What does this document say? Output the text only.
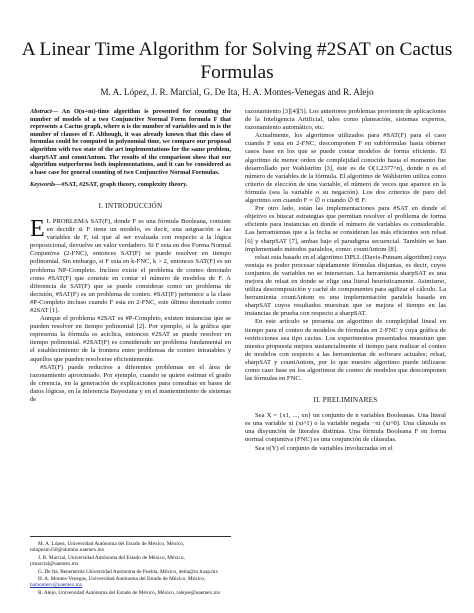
A Linear Time Algorithm for Solving #2SAT on Cactus Formulas
M. A. López, J. R. Marcial, G. De Ita, H. A. Montes-Venegas and R. Alejo

Abstract— An O(n+m)-time algorithm is presented for counting the number of models of a two Conjunctive Normal Form formula F that represents a Cactus graph, where n is the number of variables and m is the number of clauses of F. Although, it was already known that this class of formulas could be computed in polynomial time, we compare our proposal algorithm with two state of the art implementations for the same problem, sharpSAT and countAntom. The results of the comparison show that our algorithm outperforms both implementations, and it can be considered as a base case for general counting of two Conjunctive Normal Formulas.

Keywords—#SAT, #2SAT, graph theory, complexity theory.

I. INTRODUCCIÓN

E L PROBLEMA SAT(F), donde F es una fórmula Booleana, consiste en decidir si F tiene un modelo, es decir, una asignación a las variables de F, tal que al ser evaluada con respecto a la lógica proposicional, devuelve un valor verdadero. Si F esta en dos Forma Normal Conjuntiva (2-FNC), entonces SAT(F) se puede resolver en tiempo polinomial. Sin embargo, si F esta en k-FNC, k > 2, entonces SAT(F) es un problema NP-Completo. Incluso existe el problema de conteo denotado como #SAT(F) que consiste en contar el número de modelos de F. A diferencia de SAT(F) que se puede considerar como un problema de decisión, #SAT(F) es un problema de conteo. #SAT(F) pertenece a la clase #P-Completo incluso cuando F esta en 2-FNC, este último denotado como #2SAT [1].

Aunque el problema #2SAT es #P-Completo, existen instancias que se pueden resolver en tiempo polinomial [2]. Por ejemplo, si la gráfica que representa la fórmula es acíclica, entonces #2SAT se puede resolver en tiempo polinomial. #2SAT(F) es considerado un problema fundamental en el establecimiento de la frontera entre problemas de conteo intratables y aquellos que pueden resolverse eficientemente.

#SAT(F) puede reducirse a diferentes problemas en el área de razonamiento aproximado. Por ejemplo, cuando se quiere estimar el grado de creencia, en la generación de explicaciones para consultas en bases de datos lógicas, en la inferencia Bayesiana y en el mantenimiento de sistemas de

M. A. López, Universidad Autónoma del Estado de México, México, mlopezm158@alumno.uaemex.mx

J. R. Marcial, Universidad Autónoma del Estado de México, México, jrmarcial@uaemex.mx

G. De Ita, Benemérita Universidad Autónoma de Puebla, México, deita@cs.buap.mx

H. A. Montes-Venegas, Universidad Autónoma del Estado de México, México, hamontesv@uaemex.mx

R. Alejo, Universidad Autónoma del Estado de México, México, ralejoe@uaemex.mx

razonamiento [3][4][5]. Los anteriores problemas provienen de aplicaciones de la Inteligencia Artificial, tales como planeación, sistemas expertos, razonamiento automático, etc.

Actualmente, los algoritmos utilizados para #SAT(F) para el caso cuando F esta en 2-FNC, descomponen F en subfórmulas hasta obtener casos base en los que se puede contar modelos de forma eficiente. El algoritmo de menor orden de complejidad conocido hasta el momento fue desarrollado por Wahlström [3], éste es de O(1.2377^n), donde n es el número de variables de la fórmula. El algoritmo de Wahlström utiliza como criterio de elección de una variable, el número de veces que aparece en la fórmula (sea la variable o su negación). Los dos criterios de paro del algoritmo son cuando F = ∅ o cuando ∅ ∈ F.

Por otro lado, están las implementaciones para #SAT en donde el objetivo es buscar estrategias que permitan resolver el problema de forma eficiente para instancias en donde el número de variables es considerable. Las herramientas que a la fecha se consideran las más eficientes son relsat [6] y sharpSAT [7], ambas bajo el paradigma secuencial. También se han implementado métodos paralelos, como: countAntom [8].

relsat esta basado en el algoritmo DPLL (Davis-Putnam algorithm) cuya ventaja es poder procesar rápidamente fórmulas disjuntas, es decir, cuyos conjuntos de variables no se intersectan. La herramienta sharpSAT es una mejora de relsat en donde se elige una literal heurísticamente. Asimismo, utiliza descomposición y caché de componentes para agilizar el cálculo. La herramienta countAntom es una implementación paralela basada en sharpSAT cuyos resultados muestran que se mejora el tiempo en las instancias de prueba con respecto a sharpSAT.

En este artículo se presenta un algoritmo de complejidad lineal en tiempo para el conteo de modelos de fórmulas en 2-FNC y cuya gráfica de restricciones sea tipo cactus. Los experimentos presentados muestran que nuestra propuesta mejora sustancialmente el tiempo para realizar el conteo de modelos con respecto a las herramientas de software actuales; relsat, sharpSAT y countAntom, por lo que nuestro algoritmo puede utilizarse como caso base en los algoritmos de conteo de modelos que descomponen las fórmulas en FNC.

II. PRELIMINARES

Sea X = {x1, ..., xn} un conjunto de n variables Booleanas. Una literal es una variable xi (xi^1) o la variable negada ¬xi (xi^0). Una cláusula es una disyunción de literales distintas. Una fórmula Booleana F en forma normal conjuntiva (FNC) es una conjunción de cláusulas.

Sea υ(Y) el conjunto de variables involucradas en el
